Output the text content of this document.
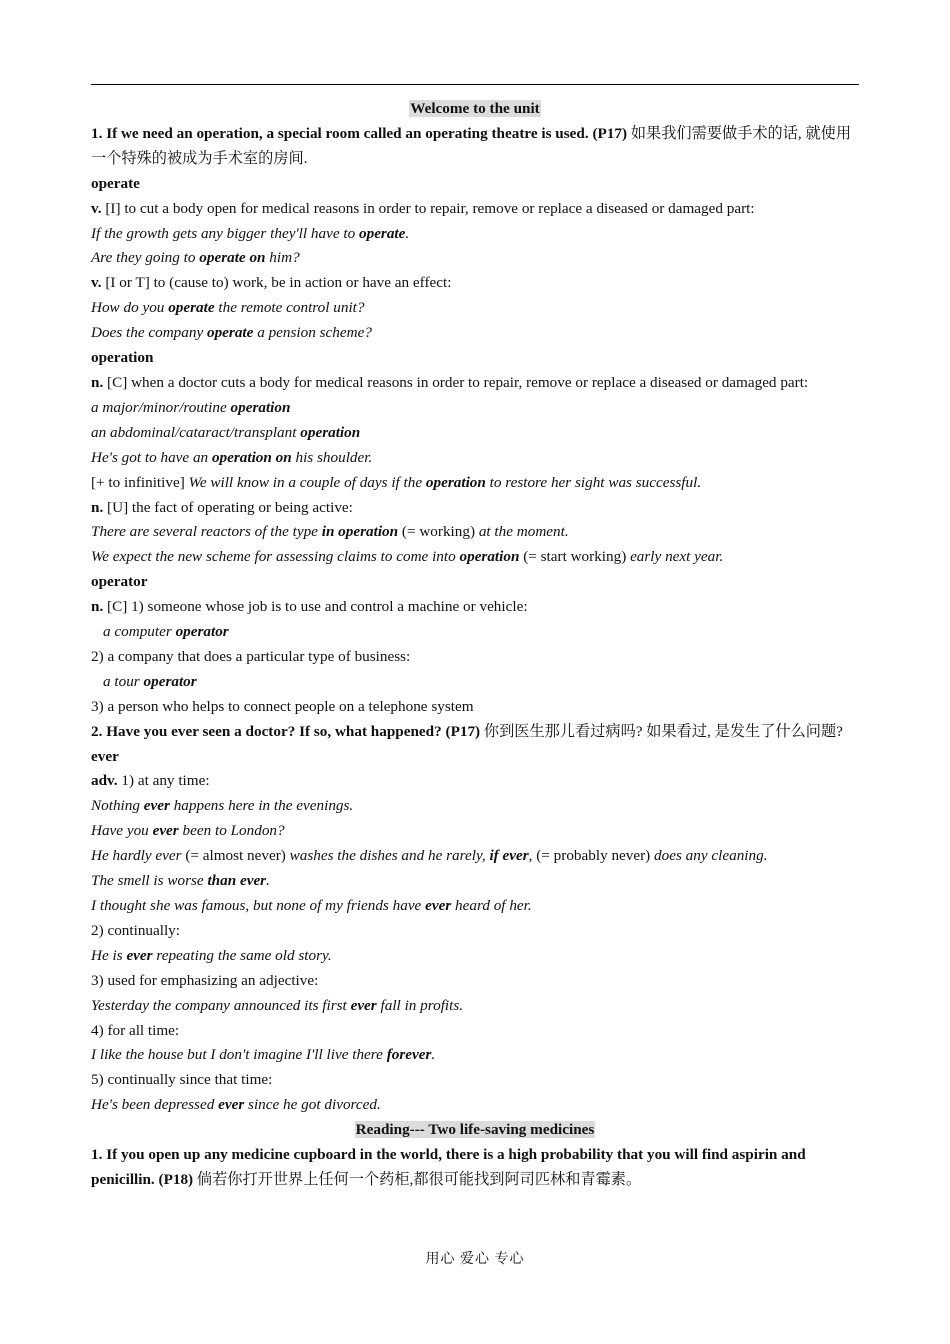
Welcome to the unit
1. If we need an operation, a special room called an operating theatre is used. (P17) 如果我们需要做手术的话, 就使用一个特殊的被成为手术室的房间.
operate
v. [I] to cut a body open for medical reasons in order to repair, remove or replace a diseased or damaged part:
If the growth gets any bigger they'll have to operate.
Are they going to operate on him?
v. [I or T] to (cause to) work, be in action or have an effect:
How do you operate the remote control unit?
Does the company operate a pension scheme?
operation
n. [C] when a doctor cuts a body for medical reasons in order to repair, remove or replace a diseased or damaged part:
a major/minor/routine operation
an abdominal/cataract/transplant operation
He's got to have an operation on his shoulder.
[+ to infinitive] We will know in a couple of days if the operation to restore her sight was successful.
n. [U] the fact of operating or being active:
There are several reactors of the type in operation (= working) at the moment.
We expect the new scheme for assessing claims to come into operation (= start working) early next year.
operator
n. [C] 1) someone whose job is to use and control a machine or vehicle:
a computer operator
2) a company that does a particular type of business:
a tour operator
3) a person who helps to connect people on a telephone system
2. Have you ever seen a doctor? If so, what happened? (P17) 你到医生那儿看过病吗? 如果看过, 是发生了什么问题?
ever
adv. 1) at any time:
Nothing ever happens here in the evenings.
Have you ever been to London?
He hardly ever (= almost never) washes the dishes and he rarely, if ever, (= probably never) does any cleaning.
The smell is worse than ever.
I thought she was famous, but none of my friends have ever heard of her.
2) continually:
He is ever repeating the same old story.
3) used for emphasizing an adjective:
Yesterday the company announced its first ever fall in profits.
4) for all time:
I like the house but I don't imagine I'll live there forever.
5) continually since that time:
He's been depressed ever since he got divorced.
Reading--- Two life-saving medicines
1. If you open up any medicine cupboard in the world, there is a high probability that you will find aspirin and penicillin. (P18) 倘若你打开世界上任何一个药柜,都很可能找到阿司匹林和青霉素。
用心 爱心 专心
